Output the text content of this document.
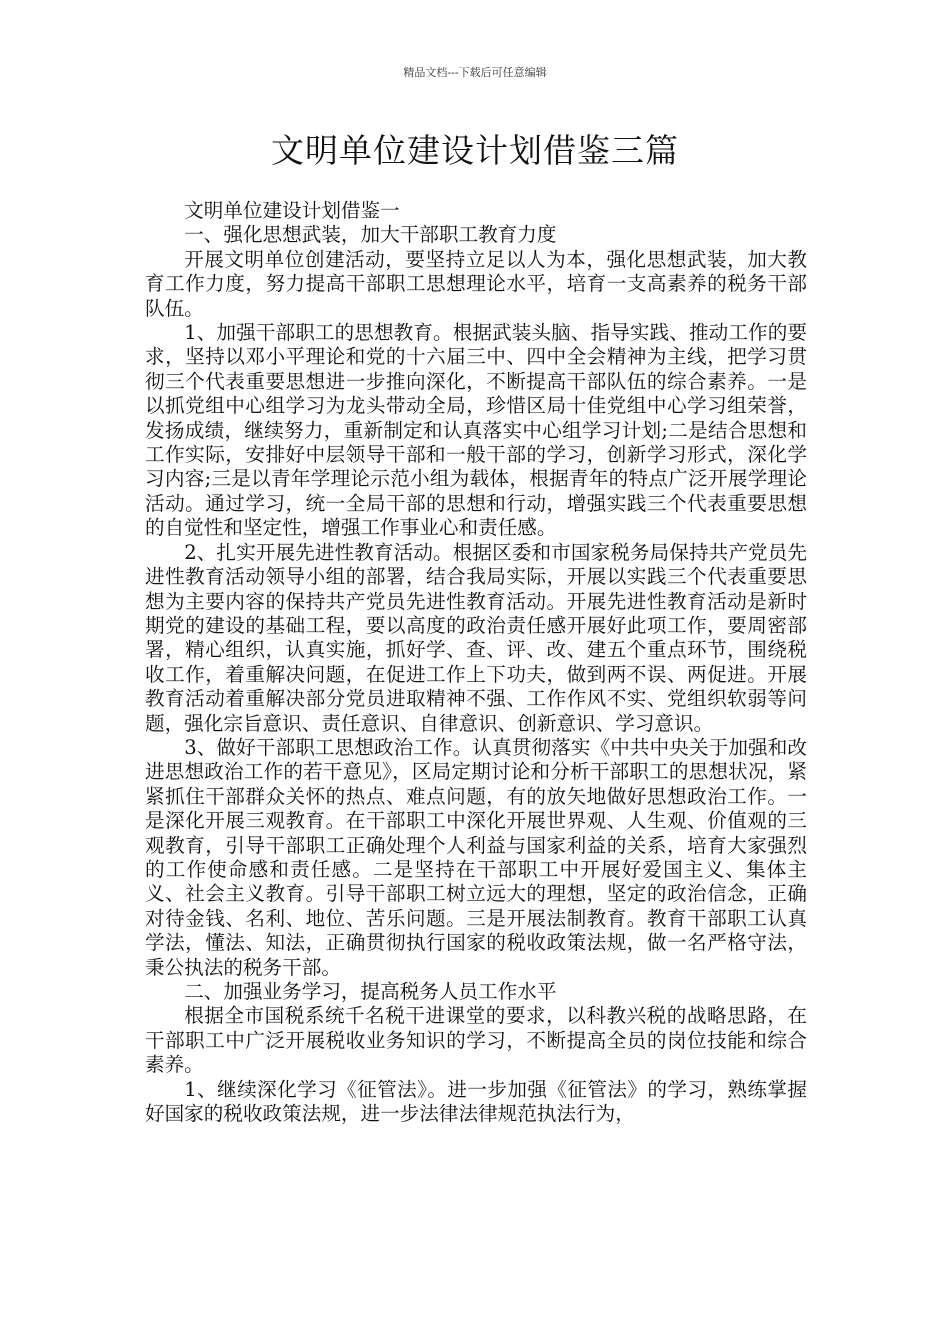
精品文档---下载后可任意编辑
文明单位建设计划借鉴三篇

文明单位建设计划借鉴一

一、强化思想武装，加大干部职工教育力度

开展文明单位创建活动，要坚持立足以人为本，强化思想武装，加大教育工作力度，努力提高干部职工思想理论水平，培育一支高素养的税务干部队伍。

1、加强干部职工的思想教育。根据武装头脑、指导实践、推动工作的要求，坚持以邓小平理论和党的十六届三中、四中全会精神为主线，把学习贯彻三个代表重要思想进一步推向深化，不断提高干部队伍的综合素养。一是以抓党组中心组学习为龙头带动全局，珍惜区局十佳党组中心学习组荣誉，发扬成绩，继续努力，重新制定和认真落实中心组学习计划;二是结合思想和工作实际，安排好中层领导干部和一般干部的学习，创新学习形式，深化学习内容;三是以青年学理论示范小组为载体，根据青年的特点广泛开展学理论活动。通过学习，统一全局干部的思想和行动，增强实践三个代表重要思想的自觉性和坚定性，增强工作事业心和责任感。

2、扎实开展先进性教育活动。根据区委和市国家税务局保持共产党员先进性教育活动领导小组的部署，结合我局实际，开展以实践三个代表重要思想为主要内容的保持共产党员先进性教育活动。开展先进性教育活动是新时期党的建设的基础工程，要以高度的政治责任感开展好此项工作，要周密部署，精心组织，认真实施，抓好学、查、评、改、建五个重点环节，围绕税收工作，着重解决问题，在促进工作上下功夫，做到两不误、两促进。开展教育活动着重解决部分党员进取精神不强、工作作风不实、党组织软弱等问题，强化宗旨意识、责任意识、自律意识、创新意识、学习意识。

3、做好干部职工思想政治工作。认真贯彻落实《中共中央关于加强和改进思想政治工作的若干意见》，区局定期讨论和分析干部职工的思想状况，紧紧抓住干部群众关怀的热点、难点问题，有的放矢地做好思想政治工作。一是深化开展三观教育。在干部职工中深化开展世界观、人生观、价值观的三观教育，引导干部职工正确处理个人利益与国家利益的关系，培育大家强烈的工作使命感和责任感。二是坚持在干部职工中开展好爱国主义、集体主义、社会主义教育。引导干部职工树立远大的理想，坚定的政治信念，正确对待金钱、名利、地位、苦乐问题。三是开展法制教育。教育干部职工认真学法，懂法、知法，正确贯彻执行国家的税收政策法规，做一名严格守法，秉公执法的税务干部。

二、加强业务学习，提高税务人员工作水平

根据全市国税系统千名税干进课堂的要求，以科教兴税的战略思路，在干部职工中广泛开展税收业务知识的学习，不断提高全员的岗位技能和综合素养。

1、继续深化学习《征管法》。进一步加强《征管法》的学习，熟练掌握好国家的税收政策法规，进一步法律法律规范执法行为，
